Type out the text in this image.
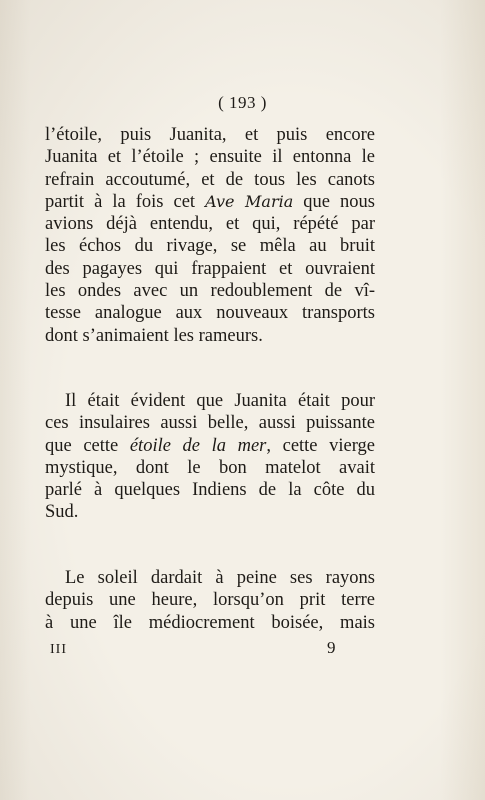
( 193 )
l’étoile, puis Juanita, et puis encore
Juanita et l’étoile ; ensuite il entonna le
refrain accoutumé, et de tous les canots
partit à la fois cet Ave Maria que nous
avions déjà entendu, et qui, répété par
les échos du rivage, se mêla au bruit
des pagayes qui frappaient et ouvraient
les ondes avec un redoublement de vî-
tesse analogue aux nouveaux transports
dont s’animaient les rameurs.
Il était évident que Juanita était pour
ces insulaires aussi belle, aussi puissante
que cette étoile de la mer, cette vierge
mystique, dont le bon matelot avait
parlé à quelques Indiens de la côte du
Sud.
Le soleil dardait à peine ses rayons
depuis une heure, lorsqu’on prit terre
à une île médiocrement boisée, mais
III	9
